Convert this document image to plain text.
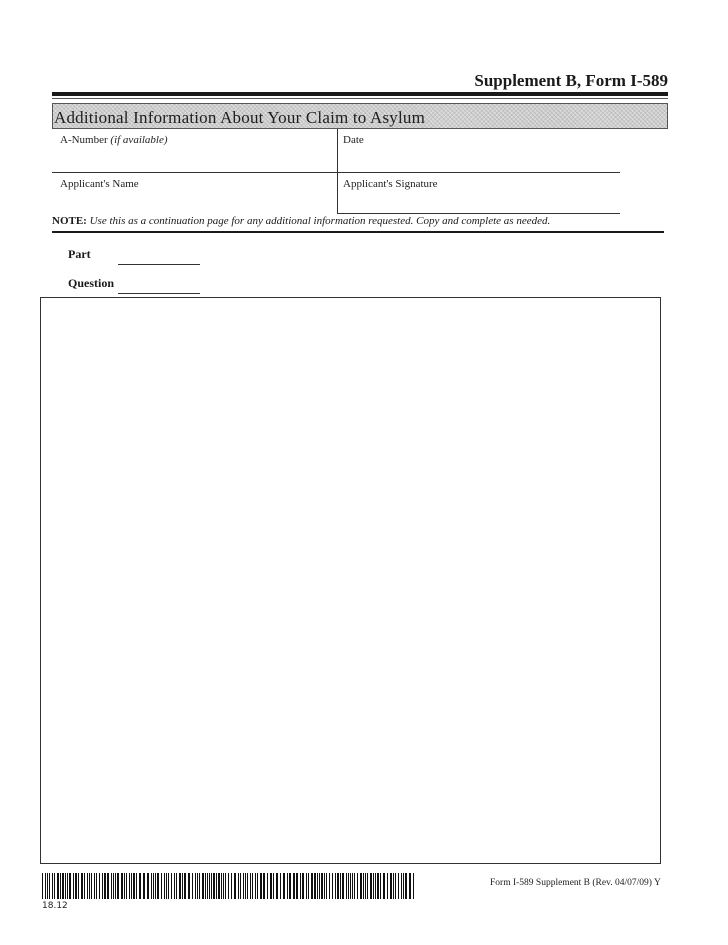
Supplement B, Form I-589
Additional Information About Your Claim to Asylum
A-Number (if available)	Date
Applicant's Name	Applicant's Signature
NOTE: Use this as a continuation page for any additional information requested. Copy and complete as needed.
Part
Question
18.12
Form I-589 Supplement B (Rev. 04/07/09) Y
